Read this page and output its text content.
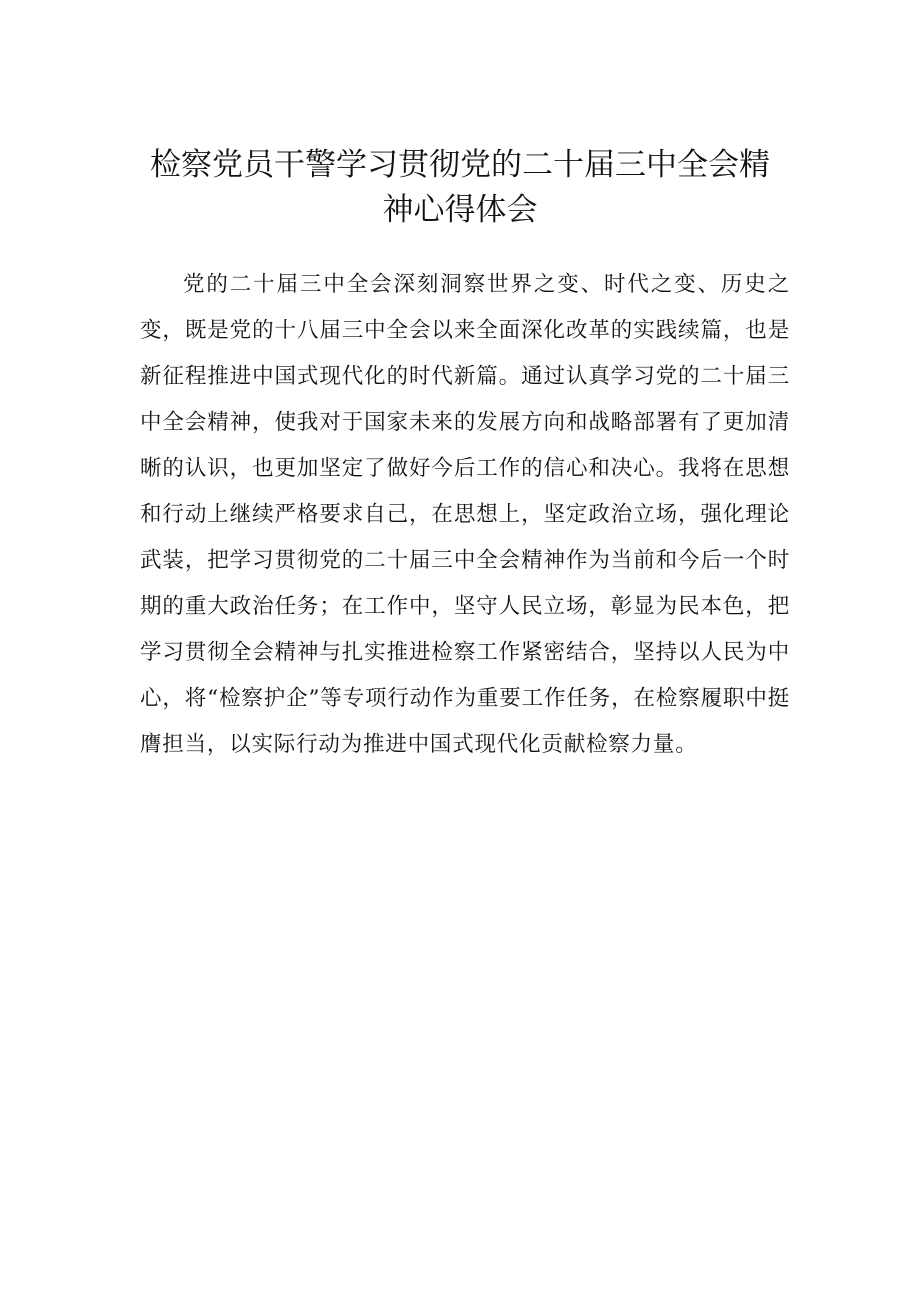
检察党员干警学习贯彻党的二十届三中全会精
神心得体会

党的二十届三中全会深刻洞察世界之变、时代之变、历史之变，既是党的十八届三中全会以来全面深化改革的实践续篇，也是新征程推进中国式现代化的时代新篇。通过认真学习党的二十届三中全会精神，使我对于国家未来的发展方向和战略部署有了更加清晰的认识，也更加坚定了做好今后工作的信心和决心。我将在思想和行动上继续严格要求自己，在思想上，坚定政治立场，强化理论武装，把学习贯彻党的二十届三中全会精神作为当前和今后一个时期的重大政治任务；在工作中，坚守人民立场，彰显为民本色，把学习贯彻全会精神与扎实推进检察工作紧密结合，坚持以人民为中心，将“检察护企”等专项行动作为重要工作任务，在检察履职中挺膺担当，以实际行动为推进中国式现代化贡献检察力量。
